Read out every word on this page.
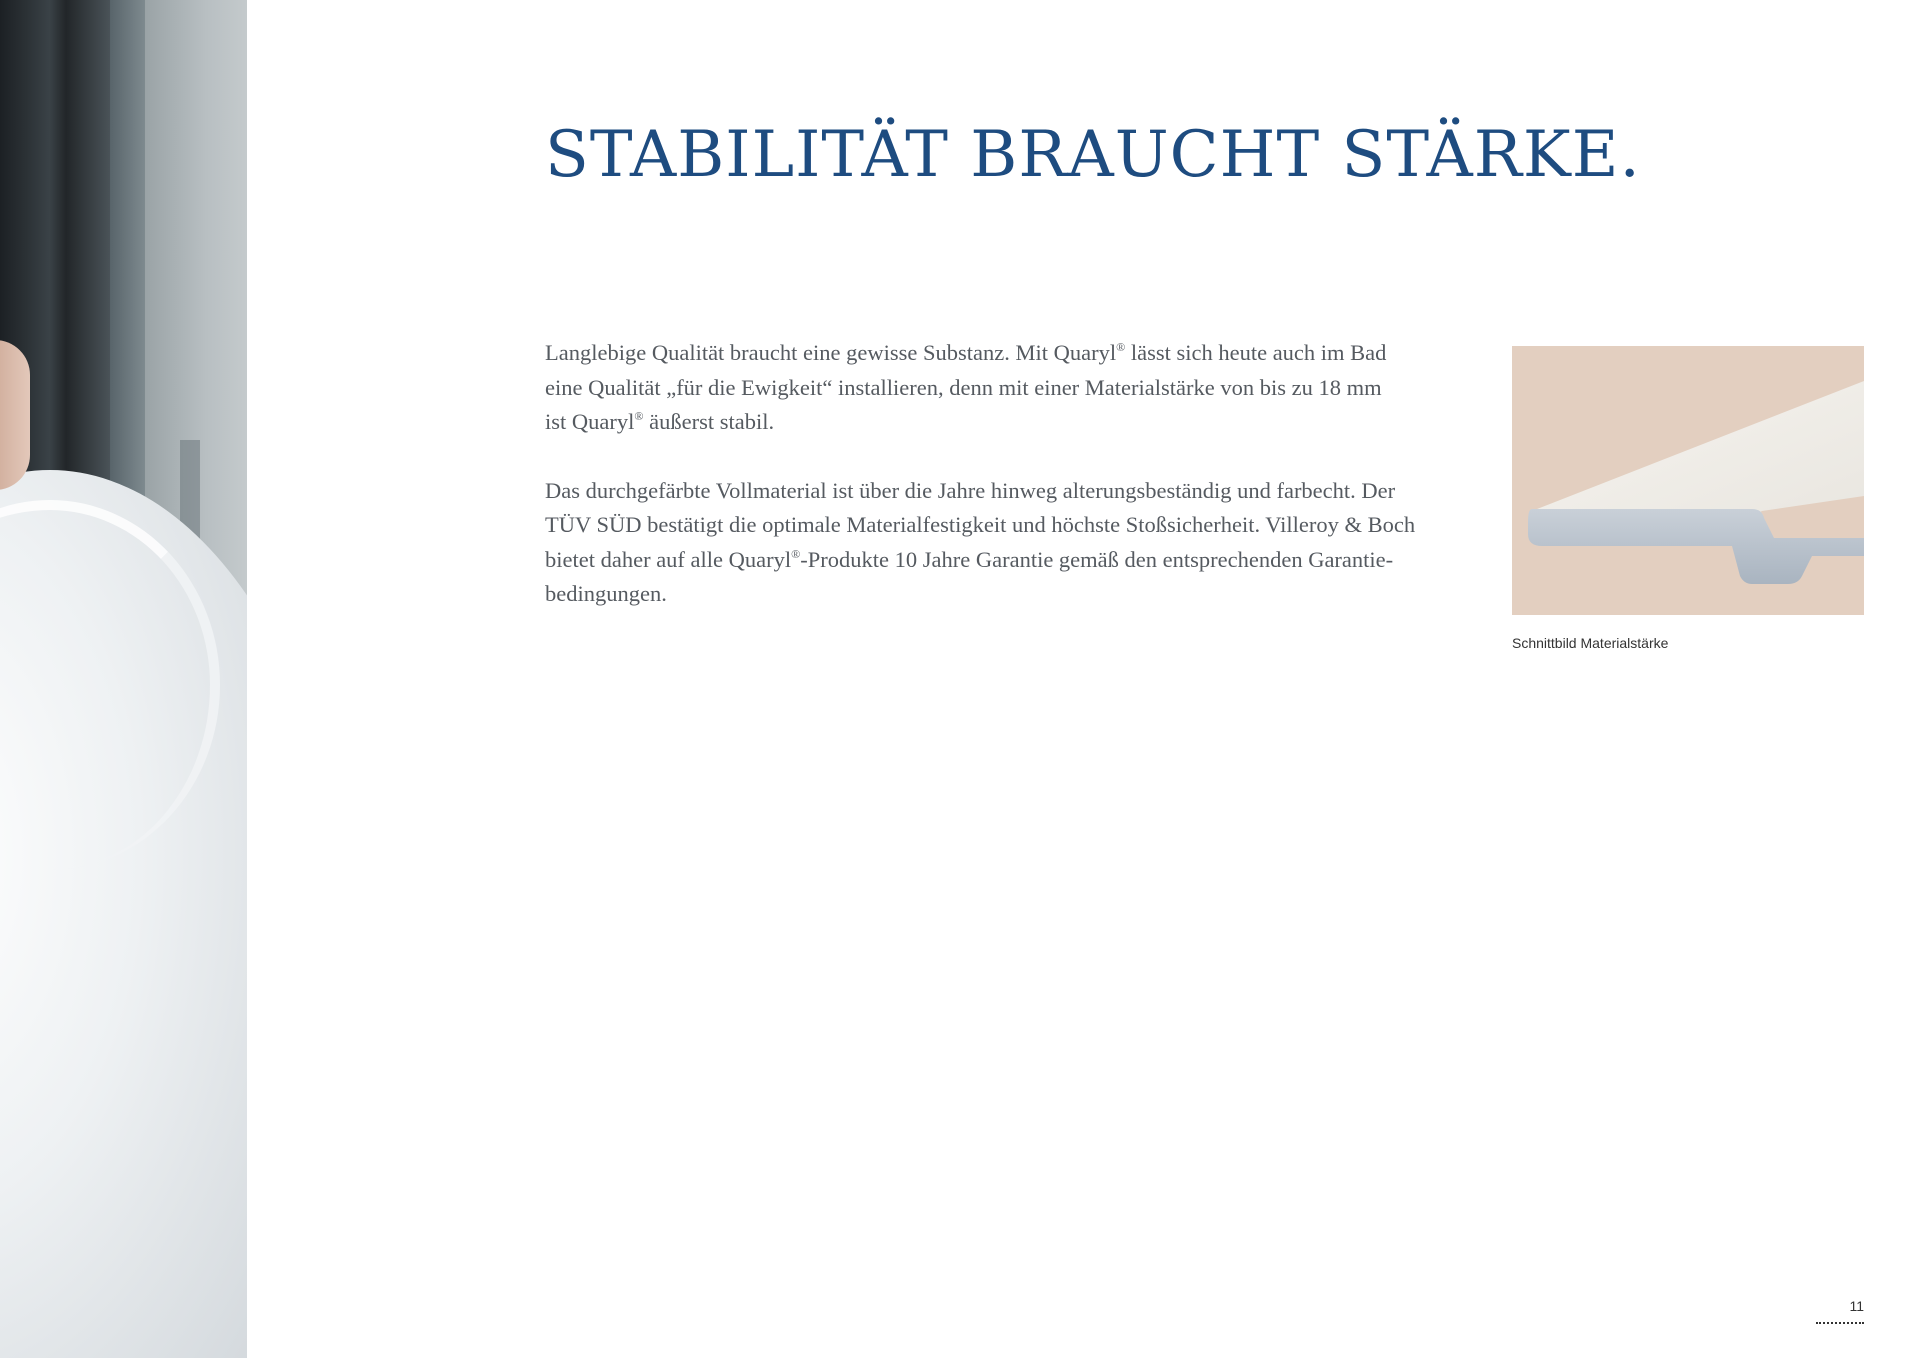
STABILITÄT BRAUCHT STÄRKE.

Langlebige Qualität braucht eine gewisse Substanz. Mit Quaryl® lässt sich heute auch im Bad
eine Qualität „für die Ewigkeit“ installieren, denn mit einer Materialstärke von bis zu 18 mm
ist Quaryl® äußerst stabil.

Das durchgefärbte Vollmaterial ist über die Jahre hinweg alterungsbeständig und farbecht. Der
TÜV SÜD bestätigt die optimale Materialfestigkeit und höchste Stoßsicherheit. Villeroy & Boch
bietet daher auf alle Quaryl®-Produkte 10 Jahre Garantie gemäß den entsprechenden Garantie-
bedingungen.

Schnittbild Materialstärke
11
